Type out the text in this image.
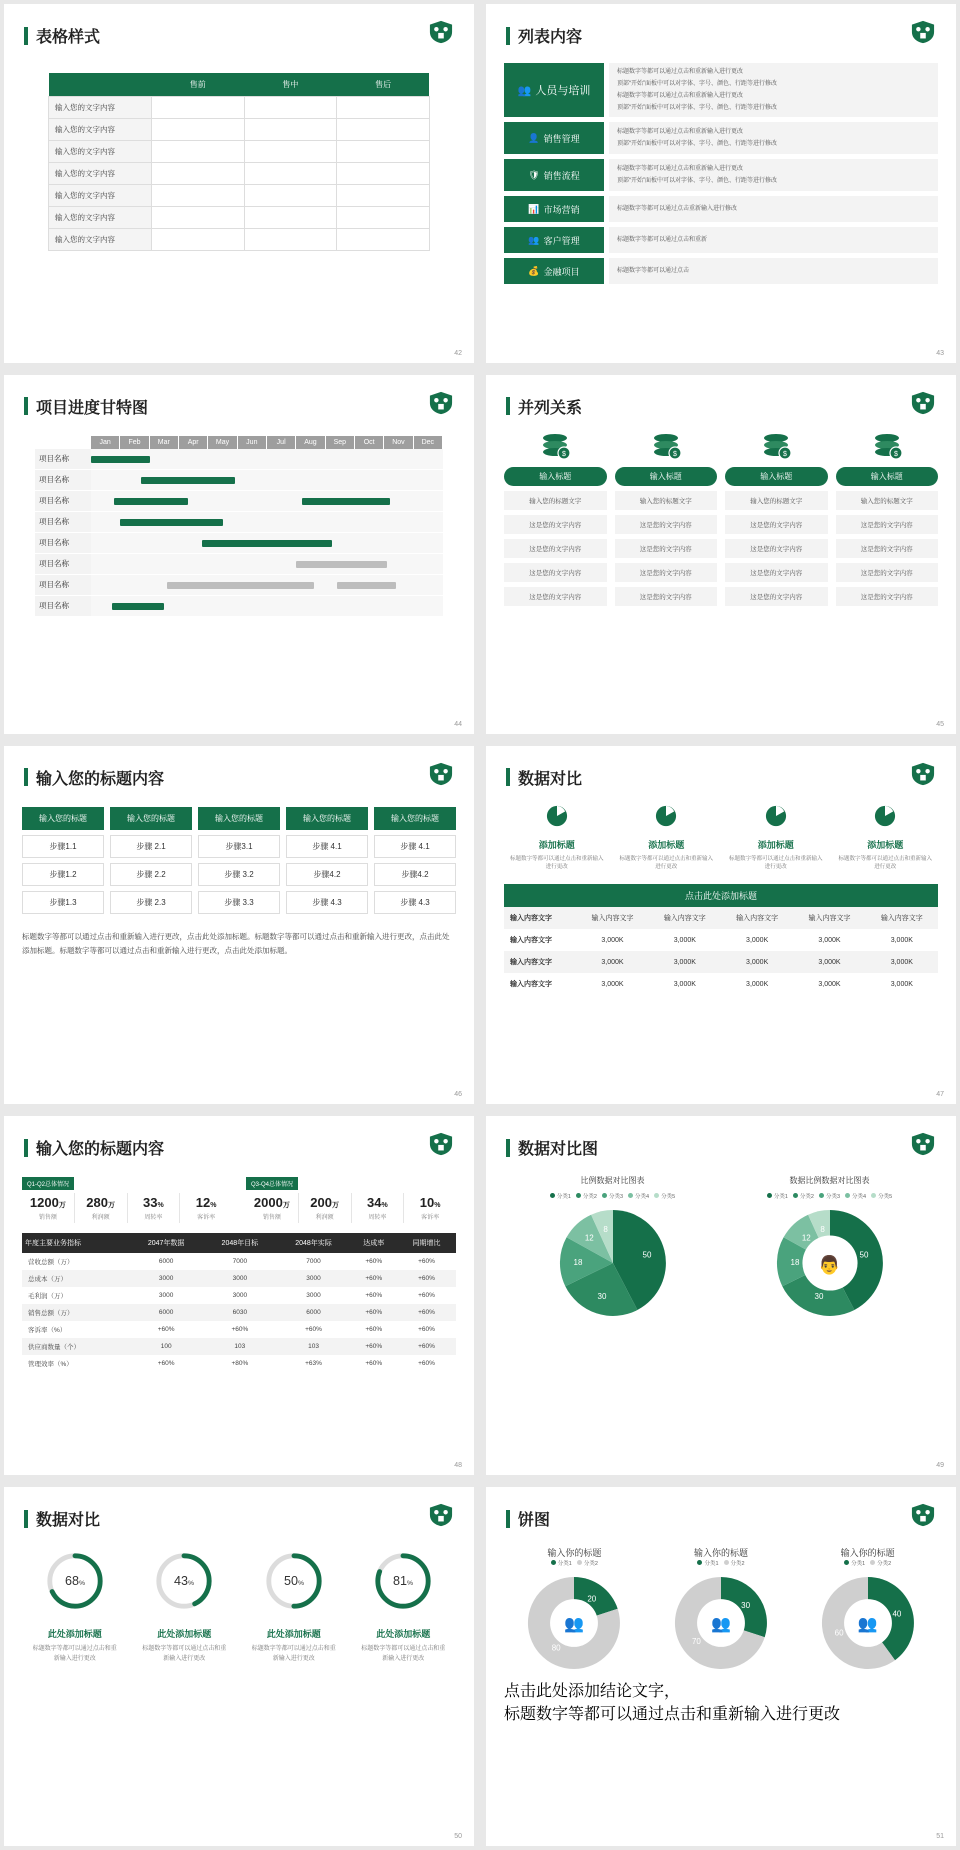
表格样式
	售前	售中	售后
输入您的文字内容			
输入您的文字内容			
输入您的文字内容			
输入您的文字内容			
输入您的文字内容			
输入您的文字内容			
输入您的文字内容			
42
列表内容
👥 人员与培训
标题数字等都可以通过点击和重新输入进行更改
顶部“开始”面板中可以对字体、字号、颜色、行距等进行修改
标题数字等都可以通过点击和重新输入进行更改
顶部“开始”面板中可以对字体、字号、颜色、行距等进行修改
👤 销售管理
标题数字等都可以通过点击和重新输入进行更改
顶部“开始”面板中可以对字体、字号、颜色、行距等进行修改
🛡 销售流程
标题数字等都可以通过点击和重新输入进行更改
顶部“开始”面板中可以对字体、字号、颜色、行距等进行修改
📊 市场营销	标题数字等都可以通过点击重新输入进行修改
👥 客户管理	标题数字等都可以通过点击和重新
💰 金融项目	标题数字等都可以通过点击
43
项目进度甘特图
Jan	Feb	Mar	Apr	May	Jun	Jul	Aug	Sep	Oct	Nov	Dec
项目名称
项目名称
项目名称
项目名称
项目名称
项目名称
项目名称
项目名称
44
并列关系
$
输入标题
输入您的标题文字
这是您的文字内容
这是您的文字内容
这是您的文字内容
这是您的文字内容
$
输入标题
输入您的标题文字
这是您的文字内容
这是您的文字内容
这是您的文字内容
这是您的文字内容
$
输入标题
输入您的标题文字
这是您的文字内容
这是您的文字内容
这是您的文字内容
这是您的文字内容
$
输入标题
输入您的标题文字
这是您的文字内容
这是您的文字内容
这是您的文字内容
这是您的文字内容
45
输入您的标题内容
输入您的标题
步骤1.1
步骤1.2
步骤1.3
输入您的标题
步骤 2.1
步骤 2.2
步骤 2.3
输入您的标题
步骤3.1
步骤 3.2
步骤 3.3
输入您的标题
步骤 4.1
步骤4.2
步骤 4.3
输入您的标题
步骤 4.1
步骤4.2
步骤 4.3
标题数字等都可以通过点击和重新输入进行更改，点击此处添加标题。标题数字等都可以通过点击和重新输入进行更改，点击此处添加标题。标题数字等都可以通过点击和重新输入进行更改，点击此处添加标题。
46
数据对比
添加标题
标题数字等都可以通过点击和重新输入进行更改
添加标题
标题数字等都可以通过点击和重新输入进行更改
添加标题
标题数字等都可以通过点击和重新输入进行更改
添加标题
标题数字等都可以通过点击和重新输入进行更改
点击此处添加标题
输入内容文字	输入内容文字	输入内容文字	输入内容文字	输入内容文字	输入内容文字
输入内容文字	3,000K	3,000K	3,000K	3,000K	3,000K
输入内容文字	3,000K	3,000K	3,000K	3,000K	3,000K
输入内容文字	3,000K	3,000K	3,000K	3,000K	3,000K
47
输入您的标题内容
Q1-Q2总体情况
1200万
销售额
280万
利润额
33%
周转率
12%
客诉率
Q3-Q4总体情况
2000万
销售额
200万
利润额
34%
周转率
10%
客诉率
年度主要业务指标	2047年数据	2048年目标	2048年实际	达成率	同期增比
营收总额（万）	6000	7000	7000	+60%	+60%
总成本（万）	3000	3000	3000	+60%	+60%
毛利润（万）	3000	3000	3000	+60%	+60%
销售总额（万）	6000	6030	6000	+60%	+60%
客诉率（%）	+60%	+60%	+60%	+60%	+60%
供应商数量（个）	100	103	103	+60%	+60%
管理效率（%）	+60%	+80%	+63%	+60%	+60%
48
数据对比图
比例数据对比图表
分类1	分类2	分类3	分类4	分类5
50
30
18
12
8
数据比例数据对比图表
分类1	分类2	分类3	分类4	分类5
50
30
18
12
8
👨
49
数据对比
68%
此处添加标题
标题数字等都可以通过点击和重新输入进行更改
43%
此处添加标题
标题数字等都可以通过点击和重新输入进行更改
50%
此处添加标题
标题数字等都可以通过点击和重新输入进行更改
81%
此处添加标题
标题数字等都可以通过点击和重新输入进行更改
50
饼图
输入你的标题
分类1	分类2
20
80
👥
输入你的标题
分类1	分类2
30
70
👥
输入你的标题
分类1	分类2
40
60 👥
点击此处添加结论文字，
标题数字等都可以通过点击和重新输入进行更改
51
